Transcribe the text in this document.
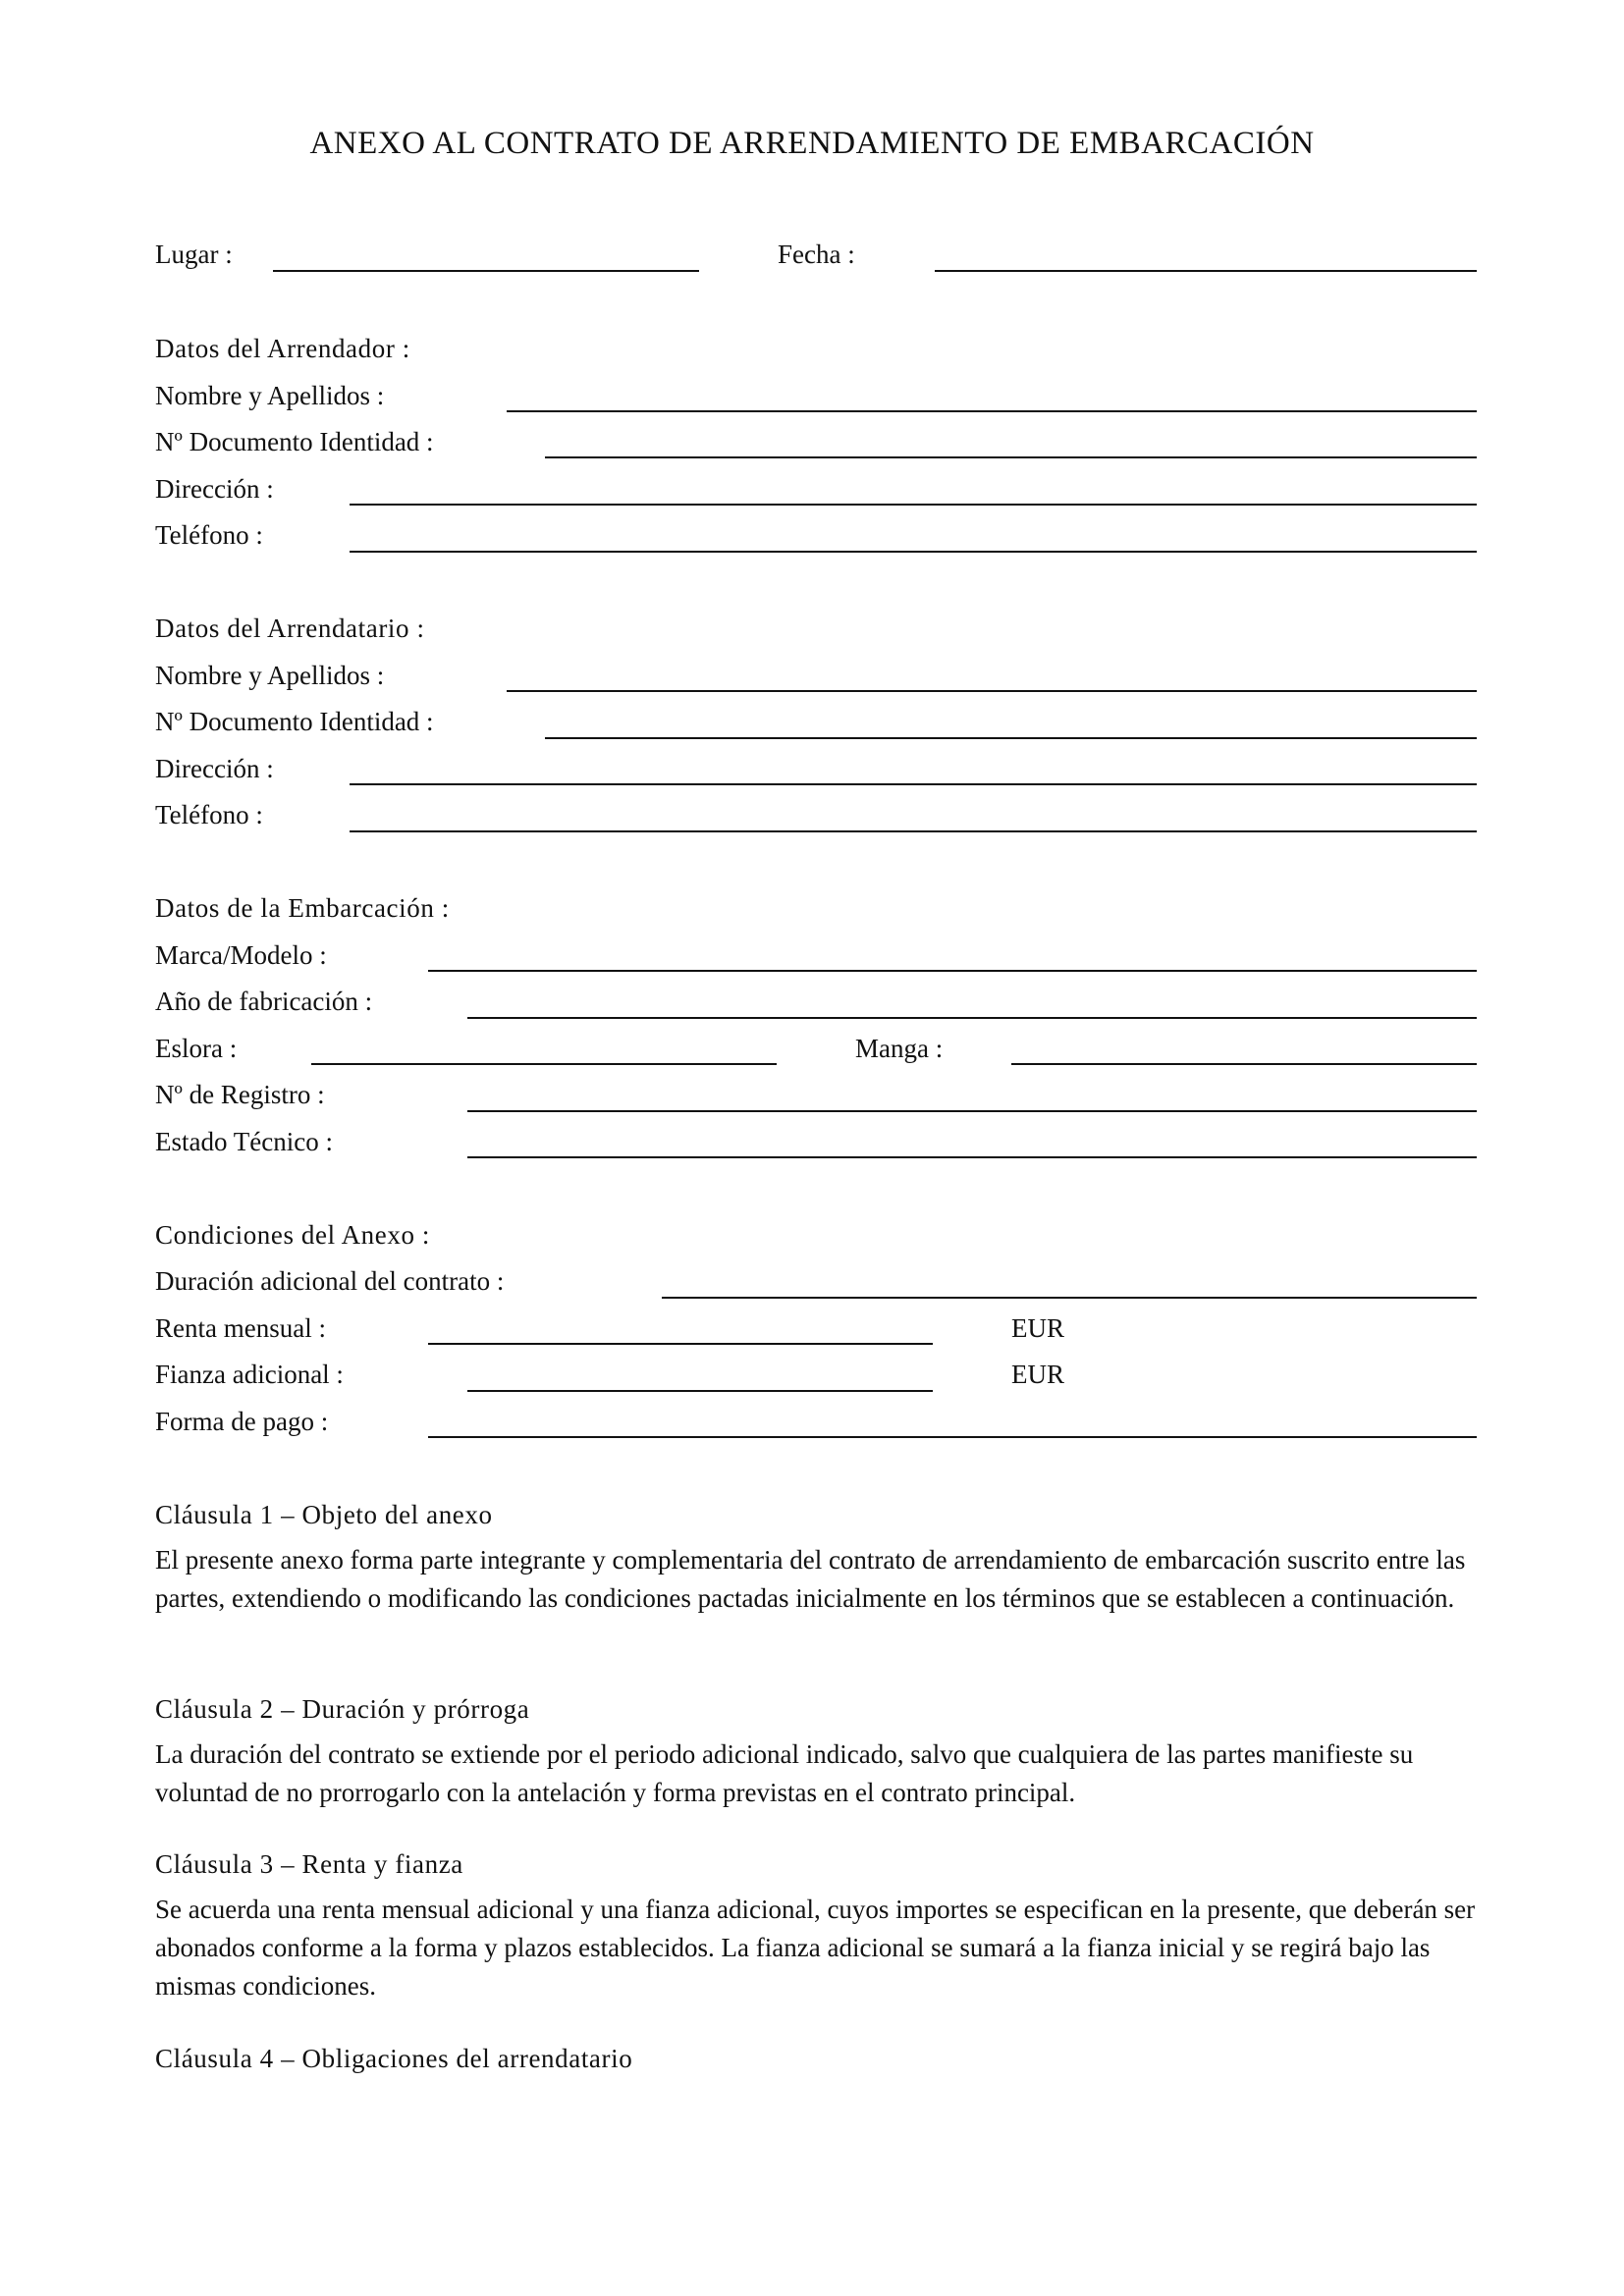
ANEXO AL CONTRATO DE ARRENDAMIENTO DE EMBARCACIÓN
Lugar :	Fecha :
Datos del Arrendador :
Nombre y Apellidos :
Nº Documento Identidad :
Dirección :
Teléfono :
Datos del Arrendatario :
Nombre y Apellidos :
Nº Documento Identidad :
Dirección :
Teléfono :
Datos de la Embarcación :
Marca/Modelo :
Año de fabricación :
Eslora :	Manga :
Nº de Registro :
Estado Técnico :
Condiciones del Anexo :
Duración adicional del contrato :
Renta mensual :	EUR
Fianza adicional :	EUR
Forma de pago :
Cláusula 1 – Objeto del anexo
El presente anexo forma parte integrante y complementaria del contrato de arrendamiento de embarcación suscrito entre las partes, extendiendo o modificando las condiciones pactadas inicialmente en los términos que se establecen a continuación.
Cláusula 2 – Duración y prórroga
La duración del contrato se extiende por el periodo adicional indicado, salvo que cualquiera de las partes manifieste su voluntad de no prorrogarlo con la antelación y forma previstas en el contrato principal.
Cláusula 3 – Renta y fianza
Se acuerda una renta mensual adicional y una fianza adicional, cuyos importes se especifican en la presente, que deberán ser abonados conforme a la forma y plazos establecidos. La fianza adicional se sumará a la fianza inicial y se regirá bajo las mismas condiciones.
Cláusula 4 – Obligaciones del arrendatario
